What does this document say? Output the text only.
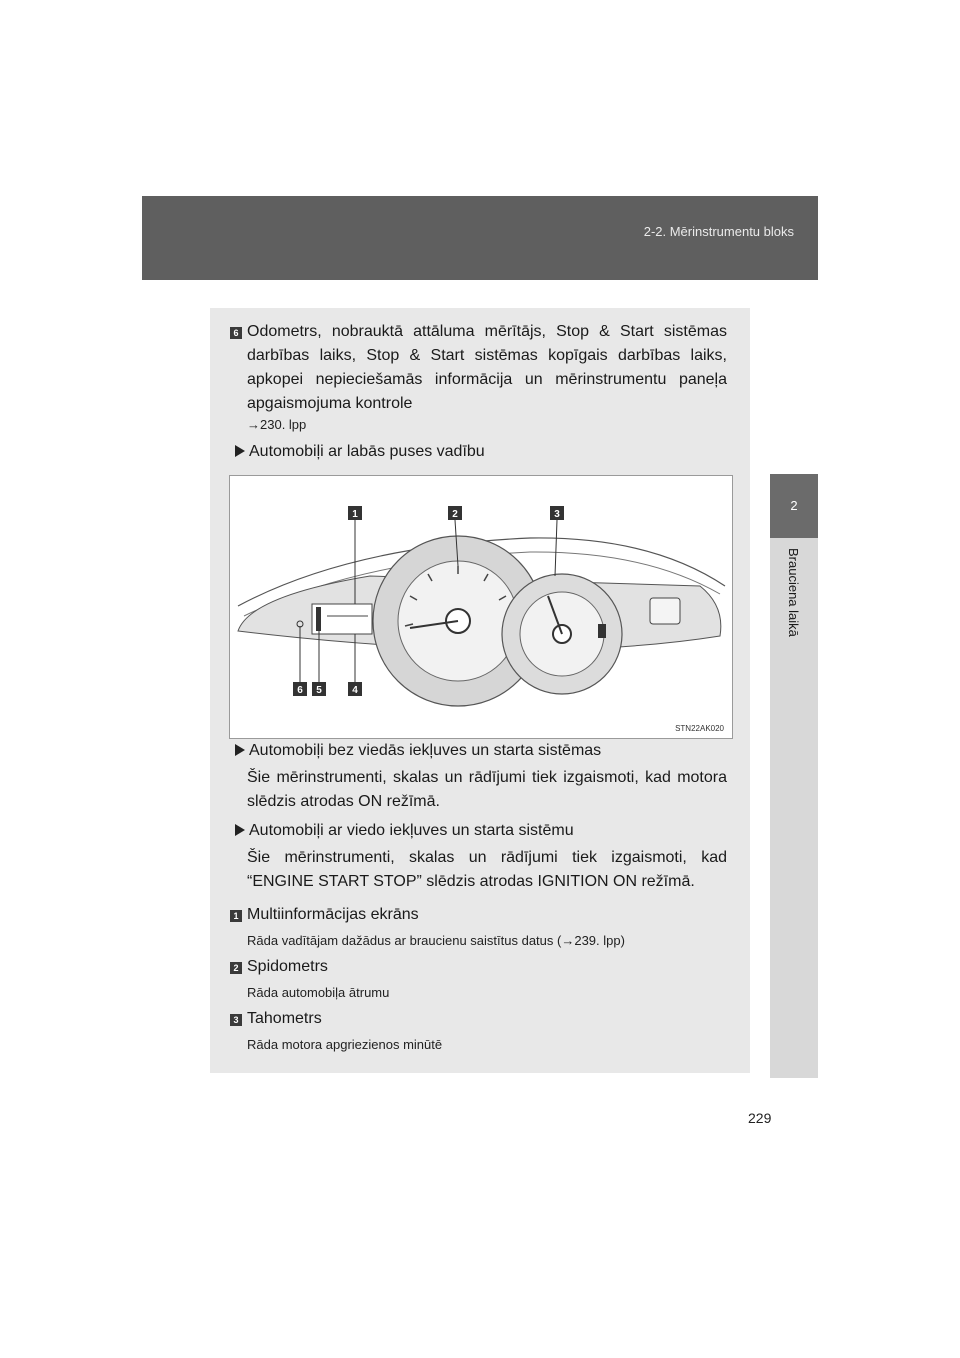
2-2. Mērinstrumentu bloks
2
Brauciena laikā
6 Odometrs, nobrauktā attāluma mērītājs, Stop & Start sistēmas darbības laiks, Stop & Start sistēmas kopīgais darbības laiks, apkopei nepieciešamās informācija un mērinstrumentu paneļa apgaismojuma kontrole
→230. lpp
Automobiļi ar labās puses vadību
1	2	3
6 5	4
STN22AK020
Automobiļi bez viedās iekļuves un starta sistēmas
Šie mērinstrumenti, skalas un rādījumi tiek izgaismoti, kad motora slēdzis atrodas ON režīmā.
Automobiļi ar viedo iekļuves un starta sistēmu
Šie mērinstrumenti, skalas un rādījumi tiek izgaismoti, kad “ENGINE START STOP” slēdzis atrodas IGNITION ON režīmā.
1 Multiinformācijas ekrāns
Rāda vadītājam dažādus ar braucienu saistītus datus (→239. lpp)
2 Spidometrs
Rāda automobiļa ātrumu
3 Tahometrs
Rāda motora apgriezienos minūtē
229
